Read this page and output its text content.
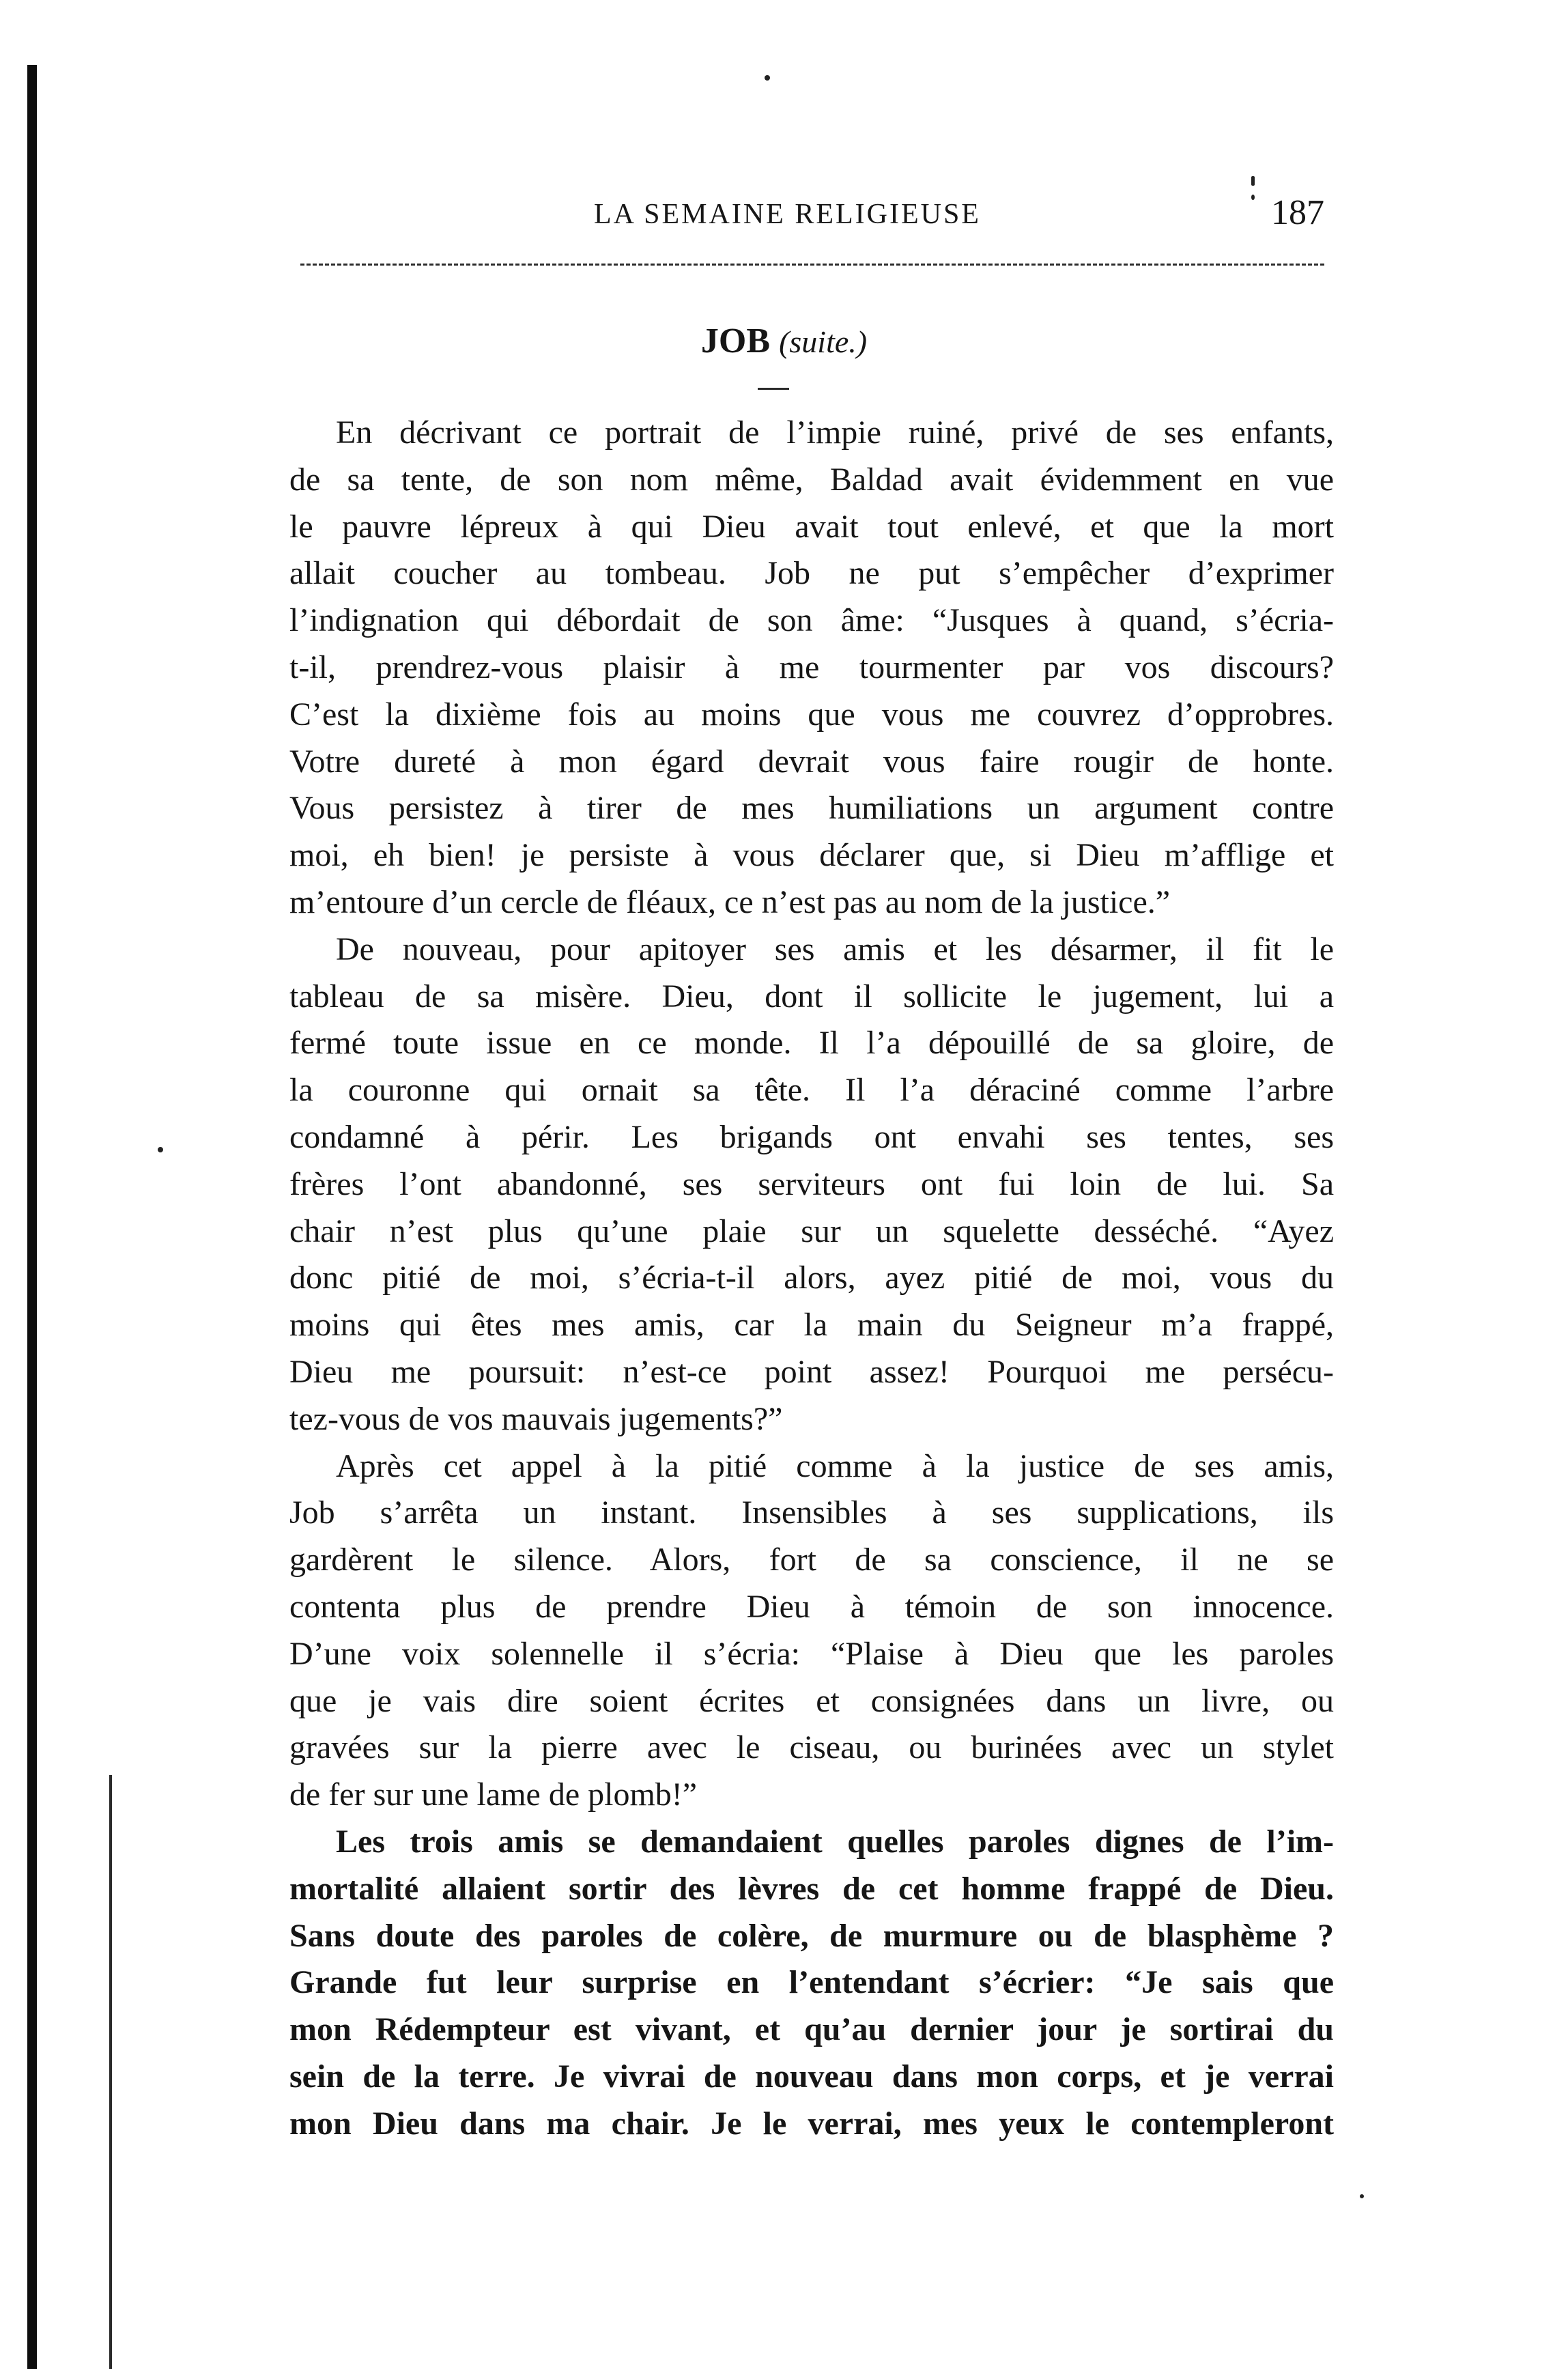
LA SEMAINE RELIGIEUSE	187
JOB (suite.)
En décrivant ce portrait de l’impie ruiné, privé de ses enfants,
de sa tente, de son nom même, Baldad avait évidemment en vue
le pauvre lépreux à qui Dieu avait tout enlevé, et que la mort
allait coucher au tombeau. Job ne put s’empêcher d’exprimer
l’indignation qui débordait de son âme: “Jusques à quand, s’écria-
t-il, prendrez-vous plaisir à me tourmenter par vos discours?
C’est la dixième fois au moins que vous me couvrez d’opprobres.
Votre dureté à mon égard devrait vous faire rougir de honte.
Vous persistez à tirer de mes humiliations un argument contre
moi, eh bien! je persiste à vous déclarer que, si Dieu m’afflige et
m’entoure d’un cercle de fléaux, ce n’est pas au nom de la justice.”
De nouveau, pour apitoyer ses amis et les désarmer, il fit le
tableau de sa misère. Dieu, dont il sollicite le jugement, lui a
fermé toute issue en ce monde. Il l’a dépouillé de sa gloire, de
la couronne qui ornait sa tête. Il l’a déraciné comme l’arbre
condamné à périr. Les brigands ont envahi ses tentes, ses
frères l’ont abandonné, ses serviteurs ont fui loin de lui. Sa
chair n’est plus qu’une plaie sur un squelette desséché. “Ayez
donc pitié de moi, s’écria-t-il alors, ayez pitié de moi, vous du
moins qui êtes mes amis, car la main du Seigneur m’a frappé,
Dieu me poursuit: n’est-ce point assez! Pourquoi me persécu-
tez-vous de vos mauvais jugements?”
Après cet appel à la pitié comme à la justice de ses amis,
Job s’arrêta un instant. Insensibles à ses supplications, ils
gardèrent le silence. Alors, fort de sa conscience, il ne se
contenta plus de prendre Dieu à témoin de son innocence.
D’une voix solennelle il s’écria: “Plaise à Dieu que les paroles
que je vais dire soient écrites et consignées dans un livre, ou
gravées sur la pierre avec le ciseau, ou burinées avec un stylet
de fer sur une lame de plomb!”
Les trois amis se demandaient quelles paroles dignes de l’im-
mortalité allaient sortir des lèvres de cet homme frappé de Dieu.
Sans doute des paroles de colère, de murmure ou de blasphème ?
Grande fut leur surprise en l’entendant s’écrier: “Je sais que
mon Rédempteur est vivant, et qu’au dernier jour je sortirai du
sein de la terre. Je vivrai de nouveau dans mon corps, et je verrai
mon Dieu dans ma chair. Je le verrai, mes yeux le contempleront
